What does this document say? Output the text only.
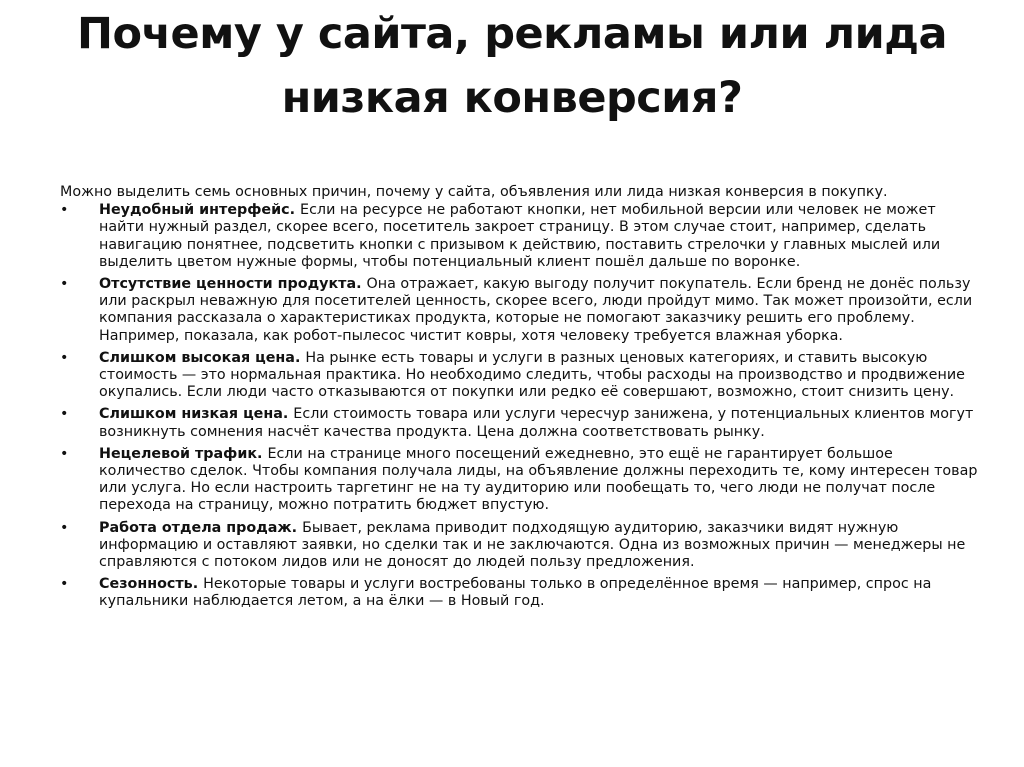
Почему у сайта, рекламы или лида низкая конверсия?

Можно выделить семь основных причин, почему у сайта, объявления или лида низкая конверсия в покупку.

•	Неудобный интерфейс. Если на ресурсе не работают кнопки, нет мобильной версии или человек не может найти нужный раздел, скорее всего, посетитель закроет страницу. В этом случае стоит, например, сделать навигацию понятнее, подсветить кнопки с призывом к действию, поставить стрелочки у главных мыслей или выделить цветом нужные формы, чтобы потенциальный клиент пошёл дальше по воронке.
•	Отсутствие ценности продукта. Она отражает, какую выгоду получит покупатель. Если бренд не донёс пользу или раскрыл неважную для посетителей ценность, скорее всего, люди пройдут мимо. Так может произойти, если компания рассказала о характеристиках продукта, которые не помогают заказчику решить его проблему. Например, показала, как робот-пылесос чистит ковры, хотя человеку требуется влажная уборка.
•	Слишком высокая цена. На рынке есть товары и услуги в разных ценовых категориях, и ставить высокую стоимость — это нормальная практика. Но необходимо следить, чтобы расходы на производство и продвижение окупались. Если люди часто отказываются от покупки или редко её совершают, возможно, стоит снизить цену.
•	Слишком низкая цена. Если стоимость товара или услуги чересчур занижена, у потенциальных клиентов могут возникнуть сомнения насчёт качества продукта. Цена должна соответствовать рынку.
•	Нецелевой трафик. Если на странице много посещений ежедневно, это ещё не гарантирует большое количество сделок. Чтобы компания получала лиды, на объявление должны переходить те, кому интересен товар или услуга. Но если настроить таргетинг не на ту аудиторию или пообещать то, чего люди не получат после перехода на страницу, можно потратить бюджет впустую.
•	Работа отдела продаж. Бывает, реклама приводит подходящую аудиторию, заказчики видят нужную информацию и оставляют заявки, но сделки так и не заключаются. Одна из возможных причин — менеджеры не справляются с потоком лидов или не доносят до людей пользу предложения.
•	Сезонность. Некоторые товары и услуги востребованы только в определённое время — например, спрос на купальники наблюдается летом, а на ёлки — в Новый год.
